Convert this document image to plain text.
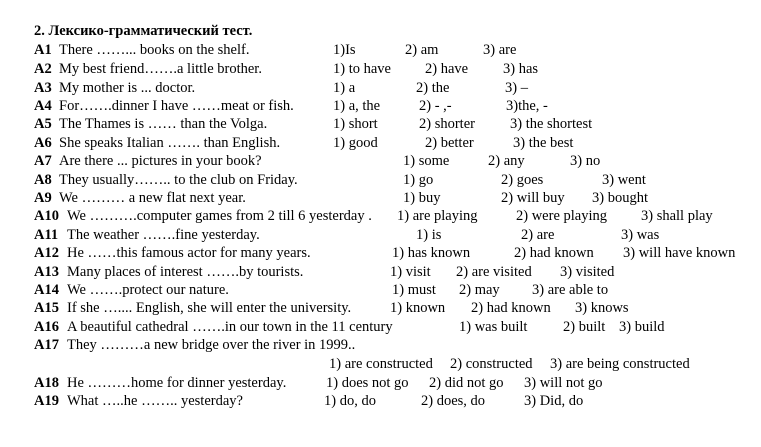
2. Лексико-грамматический тест.
A1 There ……... books on the shelf.	1)Is	2) am	3) are
A2 My best friend…….a little brother.	1) to have 2) have 3) has
A3 My mother is ... doctor.	1) a	2) the	3) –
A4 For…….dinner I have ……meat or fish.	1) a, the	2) - ,-	3)the, -
A5 The Thames is …… than the Volga.	1) short	2) shorter 3) the shortest
A6 She speaks Italian ……. than English.	1) good	2) better	3) the best
A7 Are there ... pictures in your book?	1) some	2) any	3) no
A8 They usually…….. to the club on Friday.	1) go	2) goes	3) went
A9 We ……… a new flat next year.	1) buy	2) will buy 3) bought
A10 We ……….computer games from 2 till 6 yesterday . 1) are playing	2) were playing 3) shall play
A11 The weather …….fine yesterday.	1) is	2) are	3) was
A12 He ……this famous actor for many years.	1) has known	2) had known 3) will have known
A13 Many places of interest …….by tourists.	1) visit 2) are visited 3) visited
A14 We …….protect our nature.	1) must 2) may 3) are able to
A15 If she ….... English, she will enter the university.	1) known 2) had known 3) knows
A16 A beautiful cathedral …….in our town in the 11 century	1) was built 2) built 3) build
A17 They ………a new bridge over the river in 1999..
1) are constructed 2) constructed 3) are being constructed
A18 He ………home for dinner yesterday.	1) does not go 2) did not go 3) will not go
A19 What …..he …….. yesterday?	1) do, do	2) does, do	3) Did, do
